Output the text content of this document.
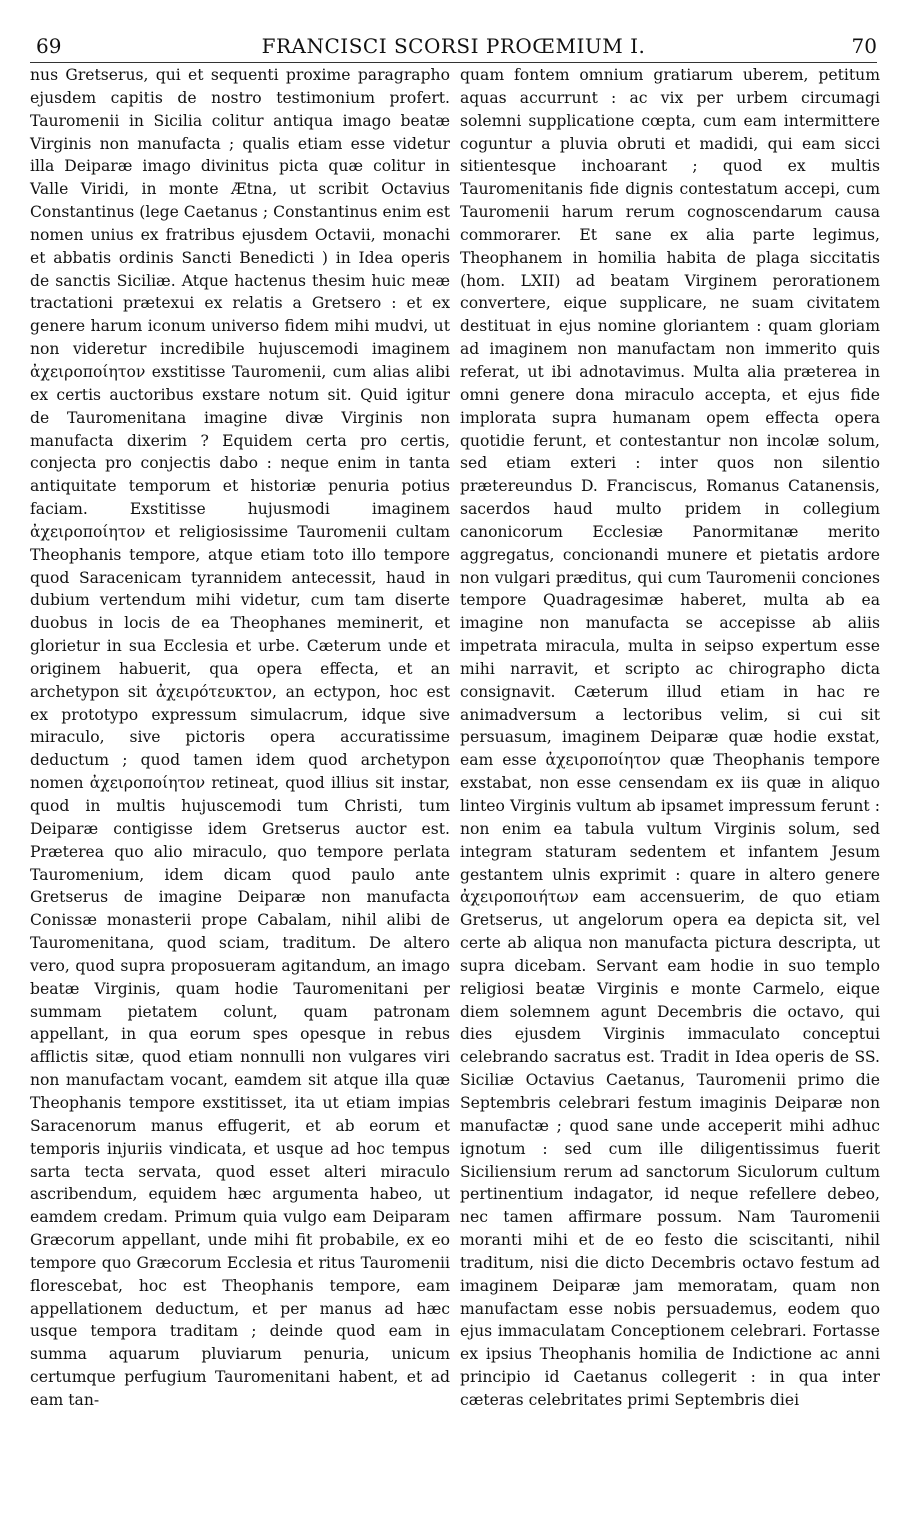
69	FRANCISCI SCORSI PROŒMIUM I.	70

nus Gretserus, qui et sequenti proxime paragrapho ejusdem capitis de nostro testimonium profert. Tauromenii in Sicilia colitur antiqua imago beatæ Virginis non manufacta ; qualis etiam esse videtur illa Deiparæ imago divinitus picta quæ colitur in Valle Viridi, in monte Ætna, ut scribit Octavius Constantinus (lege Caetanus ; Constantinus enim est nomen unius ex fratribus ejusdem Octavii, monachi et abbatis ordinis Sancti Benedicti ) in Idea operis de sanctis Siciliæ. Atque hactenus thesim huic meæ tractationi prætexui ex relatis a Gretsero : et ex genere harum iconum universo fidem mihi mudvi, ut non videretur incredibile hujuscemodi imaginem ἀχειροποίητον exstitisse Tauromenii, cum alias alibi ex certis auctoribus exstare notum sit. Quid igitur de Tauromenitana imagine divæ Virginis non manufacta dixerim ? Equidem certa pro certis, conjecta pro conjectis dabo : neque enim in tanta antiquitate temporum et historiæ penuria potius faciam. Exstitisse hujusmodi imaginem ἀχειροποίητον et religiosissime Tauromenii cultam Theophanis tempore, atque etiam toto illo tempore quod Saracenicam tyrannidem antecessit, haud in dubium vertendum mihi videtur, cum tam diserte duobus in locis de ea Theophanes meminerit, et glorietur in sua Ecclesia et urbe. Cæterum unde et originem habuerit, qua opera effecta, et an archetypon sit ἀχειρότευκτον, an ectypon, hoc est ex prototypo expressum simulacrum, idque sive miraculo, sive pictoris opera accuratissime deductum ; quod tamen idem quod archetypon nomen ἀχειροποίητον retineat, quod illius sit instar, quod in multis hujuscemodi tum Christi, tum Deiparæ contigisse idem Gretserus auctor est. Præterea quo alio miraculo, quo tempore perlata Tauromenium, idem dicam quod paulo ante Gretserus de imagine Deiparæ non manufacta Conissæ monasterii prope Cabalam, nihil alibi de Tauromenitana, quod sciam, traditum. De altero vero, quod supra proposueram agitandum, an imago beatæ Virginis, quam hodie Tauromenitani per summam pietatem colunt, quam patronam appellant, in qua eorum spes opesque in rebus afflictis sitæ, quod etiam nonnulli non vulgares viri non manufactam vocant, eamdem sit atque illa quæ Theophanis tempore exstitisset, ita ut etiam impias Saracenorum manus effugerit, et ab eorum et temporis injuriis vindicata, et usque ad hoc tempus sarta tecta servata, quod esset alteri miraculo ascribendum, equidem hæc argumenta habeo, ut eamdem credam. Primum quia vulgo eam Deiparam Græcorum appellant, unde mihi fit probabile, ex eo tempore quo Græcorum Ecclesia et ritus Tauromenii florescebat, hoc est Theophanis tempore, eam appellationem deductum, et per manus ad hæc usque tempora traditam ; deinde quod eam in summa aquarum pluviarum penuria, unicum certumque perfugium Tauromenitani habent, et ad eam tan-

quam fontem omnium gratiarum uberem, petitum aquas accurrunt : ac vix per urbem circumagi solemni supplicatione cœpta, cum eam intermittere coguntur a pluvia obruti et madidi, qui eam sicci sitientesque inchoarant ; quod ex multis Tauromenitanis fide dignis contestatum accepi, cum Tauromenii harum rerum cognoscendarum causa commorarer. Et sane ex alia parte legimus, Theophanem in homilia habita de plaga siccitatis (hom. LXII) ad beatam Virginem perorationem convertere, eique supplicare, ne suam civitatem destituat in ejus nomine gloriantem : quam gloriam ad imaginem non manufactam non immerito quis referat, ut ibi adnotavimus. Multa alia præterea in omni genere dona miraculo accepta, et ejus fide implorata supra humanam opem effecta opera quotidie ferunt, et contestantur non incolæ solum, sed etiam exteri : inter quos non silentio prætereundus D. Franciscus, Romanus Catanensis, sacerdos haud multo pridem in collegium canonicorum Ecclesiæ Panormitanæ merito aggregatus, concionandi munere et pietatis ardore non vulgari præditus, qui cum Tauromenii conciones tempore Quadragesimæ haberet, multa ab ea imagine non manufacta se accepisse ab aliis impetrata miracula, multa in seipso expertum esse mihi narravit, et scripto ac chirographo dicta consignavit. Cæterum illud etiam in hac re animadversum a lectoribus velim, si cui sit persuasum, imaginem Deiparæ quæ hodie exstat, eam esse ἀχειροποίητον quæ Theophanis tempore exstabat, non esse censendam ex iis quæ in aliquo linteo Virginis vultum ab ipsamet impressum ferunt : non enim ea tabula vultum Virginis solum, sed integram staturam sedentem et infantem Jesum gestantem ulnis exprimit : quare in altero genere ἀχειροποιήτων eam accensuerim, de quo etiam Gretserus, ut angelorum opera ea depicta sit, vel certe ab aliqua non manufacta pictura descripta, ut supra dicebam. Servant eam hodie in suo templo religiosi beatæ Virginis e monte Carmelo, eique diem solemnem agunt Decembris die octavo, qui dies ejusdem Virginis immaculato conceptui celebrando sacratus est. Tradit in Idea operis de SS. Siciliæ Octavius Caetanus, Tauromenii primo die Septembris celebrari festum imaginis Deiparæ non manufactæ ; quod sane unde acceperit mihi adhuc ignotum : sed cum ille diligentissimus fuerit Siciliensium rerum ad sanctorum Siculorum cultum pertinentium indagator, id neque refellere debeo, nec tamen affirmare possum. Nam Tauromenii moranti mihi et de eo festo die sciscitanti, nihil traditum, nisi die dicto Decembris octavo festum ad imaginem Deiparæ jam memoratam, quam non manufactam esse nobis persuademus, eodem quo ejus immaculatam Conceptionem celebrari. Fortasse ex ipsius Theophanis homilia de Indictione ac anni principio id Caetanus collegerit : in qua inter cæteras celebritates primi Septembris diei
